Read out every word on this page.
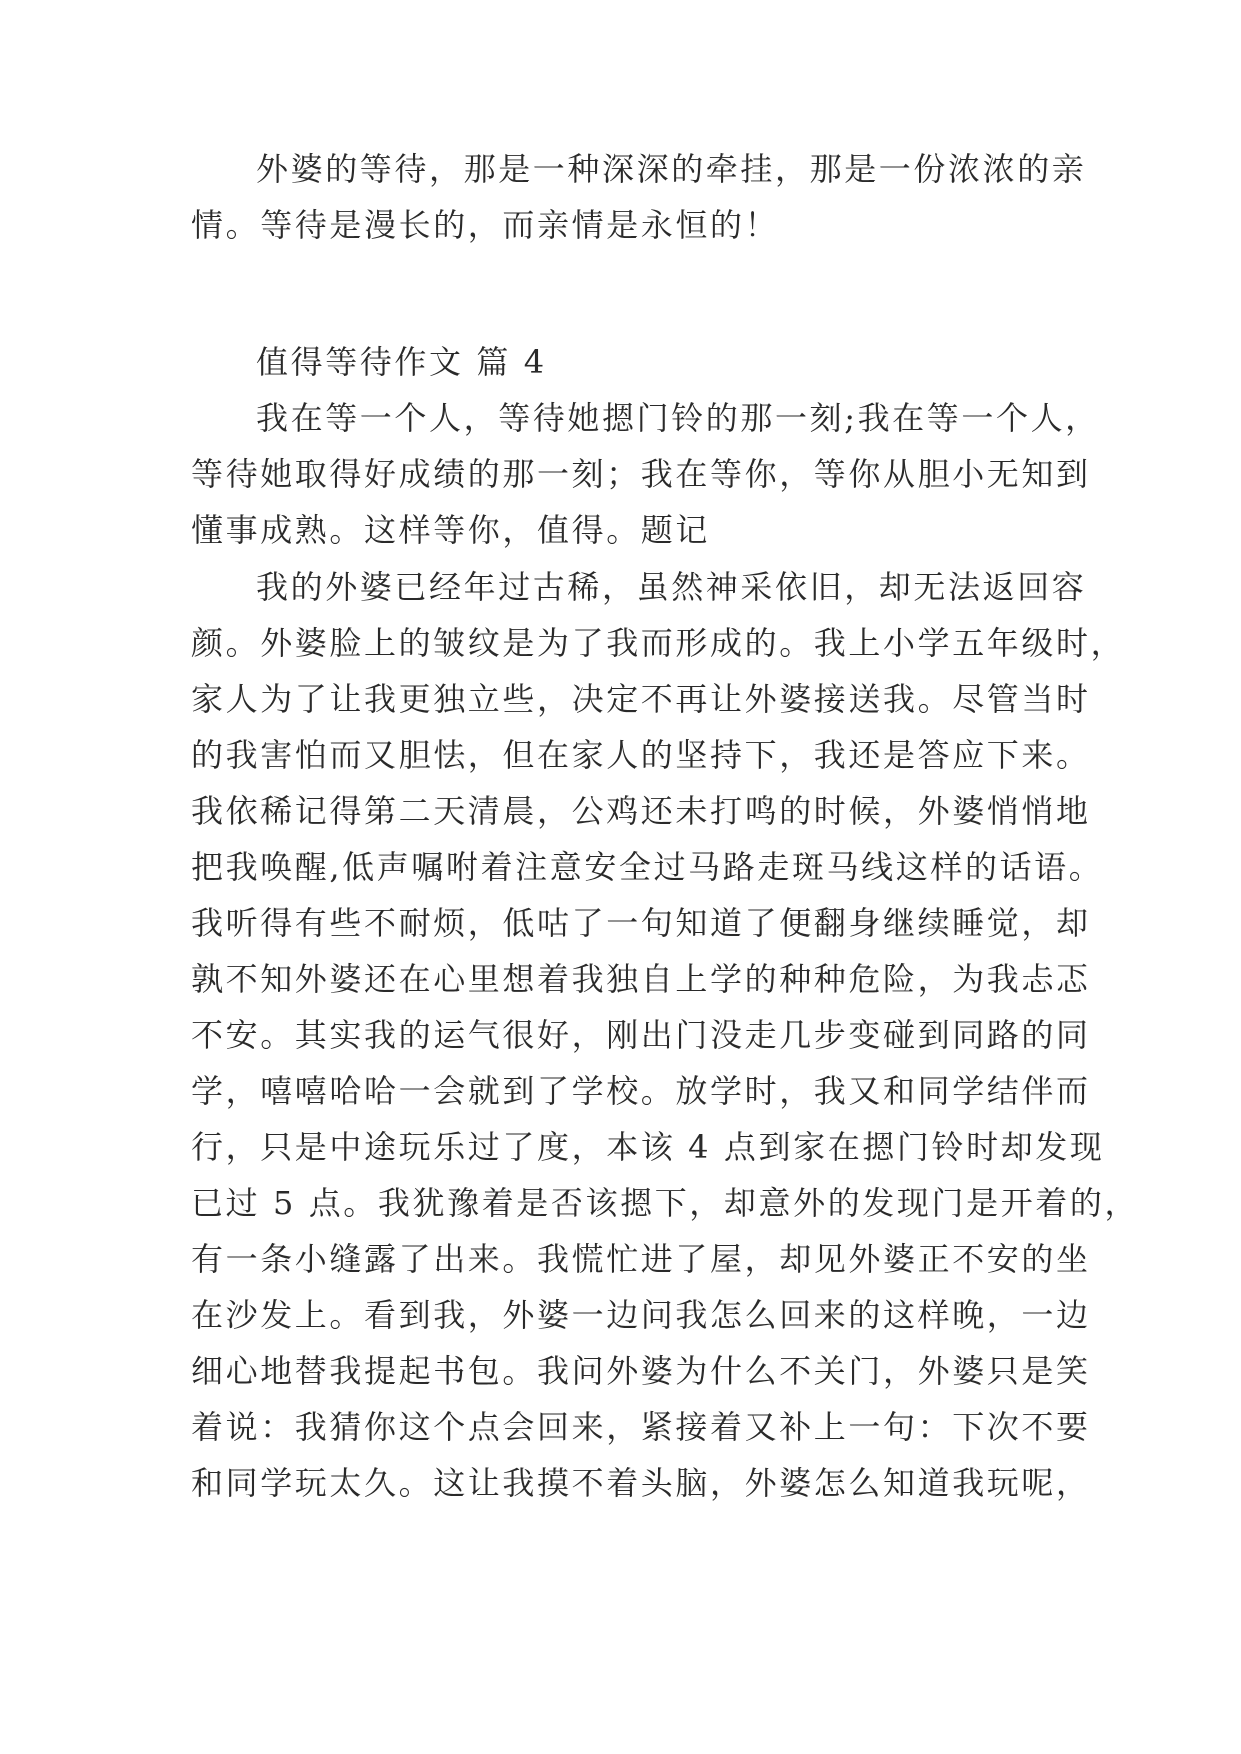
外婆的等待，那是一种深深的牵挂，那是一份浓浓的亲
情。等待是漫长的，而亲情是永恒的！
值得等待作文 篇 4
我在等一个人，等待她摁门铃的那一刻;我在等一个人，
等待她取得好成绩的那一刻；我在等你，等你从胆小无知到
懂事成熟。这样等你，值得。题记
我的外婆已经年过古稀，虽然神采依旧，却无法返回容
颜。外婆脸上的皱纹是为了我而形成的。我上小学五年级时，
家人为了让我更独立些，决定不再让外婆接送我。尽管当时
的我害怕而又胆怯，但在家人的坚持下，我还是答应下来。
我依稀记得第二天清晨，公鸡还未打鸣的时候，外婆悄悄地
把我唤醒,低声嘱咐着注意安全过马路走斑马线这样的话语。
我听得有些不耐烦，低咕了一句知道了便翻身继续睡觉，却
孰不知外婆还在心里想着我独自上学的种种危险，为我忐忑
不安。其实我的运气很好，刚出门没走几步变碰到同路的同
学，嘻嘻哈哈一会就到了学校。放学时，我又和同学结伴而
行，只是中途玩乐过了度，本该 4 点到家在摁门铃时却发现
已过 5 点。我犹豫着是否该摁下，却意外的发现门是开着的，
有一条小缝露了出来。我慌忙进了屋，却见外婆正不安的坐
在沙发上。看到我，外婆一边问我怎么回来的这样晚，一边
细心地替我提起书包。我问外婆为什么不关门，外婆只是笑
着说：我猜你这个点会回来，紧接着又补上一句：下次不要
和同学玩太久。这让我摸不着头脑，外婆怎么知道我玩呢，
